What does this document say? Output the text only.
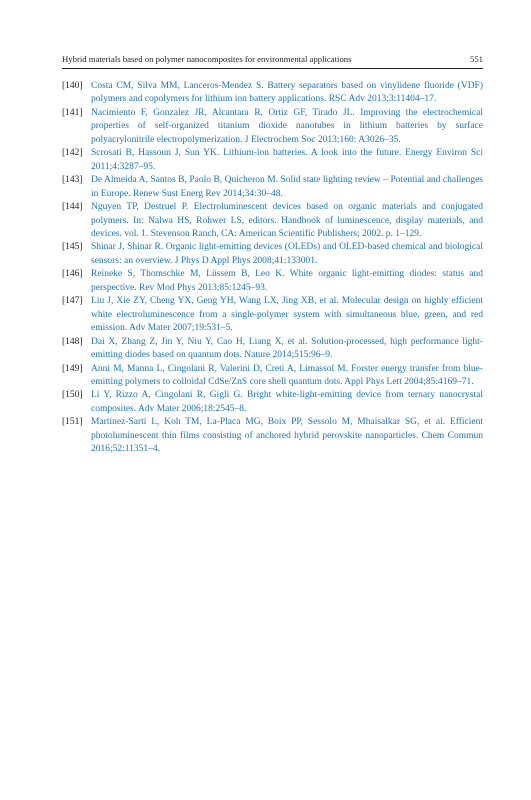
Hybrid materials based on polymer nanocomposites for environmental applications	551
[140] Costa CM, Silva MM, Lanceros-Mendez S. Battery separators based on vinylidene fluoride (VDF) polymers and copolymers for lithium ion battery applications. RSC Adv 2013;3:11404–17.
[141] Nacimiento F, Gonzalez JR, Alcantara R, Ortiz GF, Tirado JL. Improving the electrochemical properties of self-organized titanium dioxide nanotubes in lithium batteries by surface polyacrylonitrile electropolymerization. J Electrochem Soc 2013;160: A3026–35.
[142] Scrosati B, Hassoun J, Sun YK. Lithium-ion batteries. A look into the future. Energy Environ Sci 2011;4:3287–95.
[143] De Almeida A, Santos B, Paolo B, Quicheron M. Solid state lighting review – Potential and challenges in Europe. Renew Sust Energ Rev 2014;34:30–48.
[144] Nguyen TP, Destruel P. Electroluminescent devices based on organic materials and conjugated polymers. In: Nalwa HS, Rohwer LS, editors. Handbook of luminescence, display materials, and devices. vol. 1. Stevenson Ranch, CA: American Scientific Publishers; 2002. p. 1–129.
[145] Shinar J, Shinar R. Organic light-emitting devices (OLEDs) and OLED-based chemical and biological sensors: an overview. J Phys D Appl Phys 2008;41:133001.
[146] Reineke S, Thomschke M, Lüssem B, Leo K. White organic light-emitting diodes: status and perspective. Rev Mod Phys 2013;85:1245–93.
[147] Liu J, Xie ZY, Cheng YX, Geng YH, Wang LX, Jing XB, et al. Molecular design on highly efficient white electroluminescence from a single-polymer system with simultaneous blue, green, and red emission. Adv Mater 2007;19:531–5.
[148] Dai X, Zhang Z, Jin Y, Niu Y, Cao H, Liang X, et al. Solution-processed, high performance light-emitting diodes based on quantum dots. Nature 2014;515:96–9.
[149] Anni M, Manna L, Cingolani R, Valerini D, Creti A, Limassol M. Forster energy transfer from blue-emitting polymers to colloidal CdSe/ZnS core shell quantum dots. Appl Phys Lett 2004;85:4169–71.
[150] Li Y, Rizzo A, Cingolani R, Gigli G. Bright white-light-emitting device from ternary nanocrystal composites. Adv Mater 2006;18:2545–8.
[151] Martinez-Sarti L, Koh TM, La-Placa MG, Boix PP, Sessolo M, Mhaisalkar SG, et al. Efficient photoluminescent thin films consisting of anchored hybrid perovskite nanoparticles. Chem Commun 2016;52:11351–4.
